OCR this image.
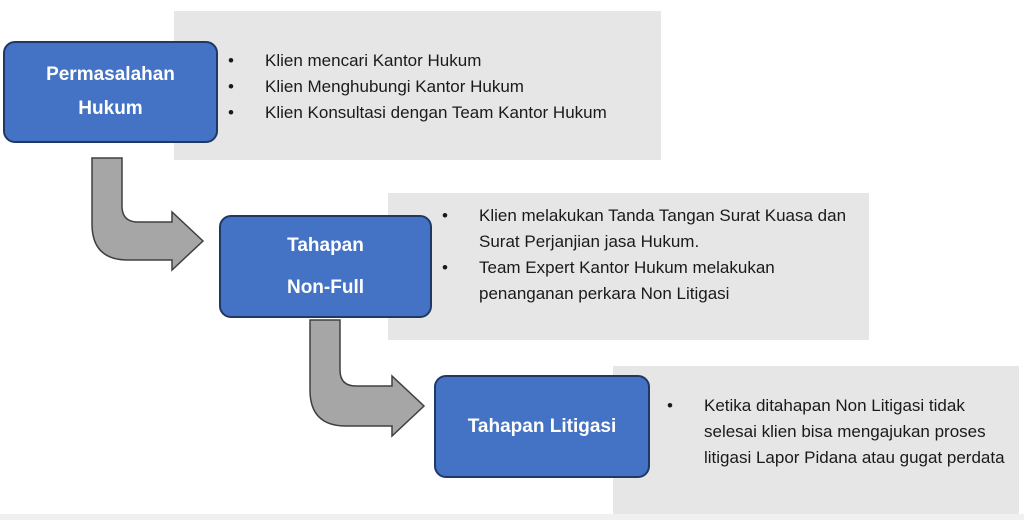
• Klien mencari Kantor Hukum
• Klien Menghubungi Kantor Hukum
• Klien Konsultasi dengan Team Kantor Hukum
Permasalahan
Hukum
• Klien melakukan Tanda Tangan Surat Kuasa dan Surat Perjanjian jasa Hukum.
• Team Expert Kantor Hukum melakukan penanganan perkara Non Litigasi
Tahapan
Non-Full
• Ketika ditahapan Non Litigasi tidak selesai klien bisa mengajukan proses litigasi Lapor Pidana atau gugat perdata
Tahapan Litigasi
